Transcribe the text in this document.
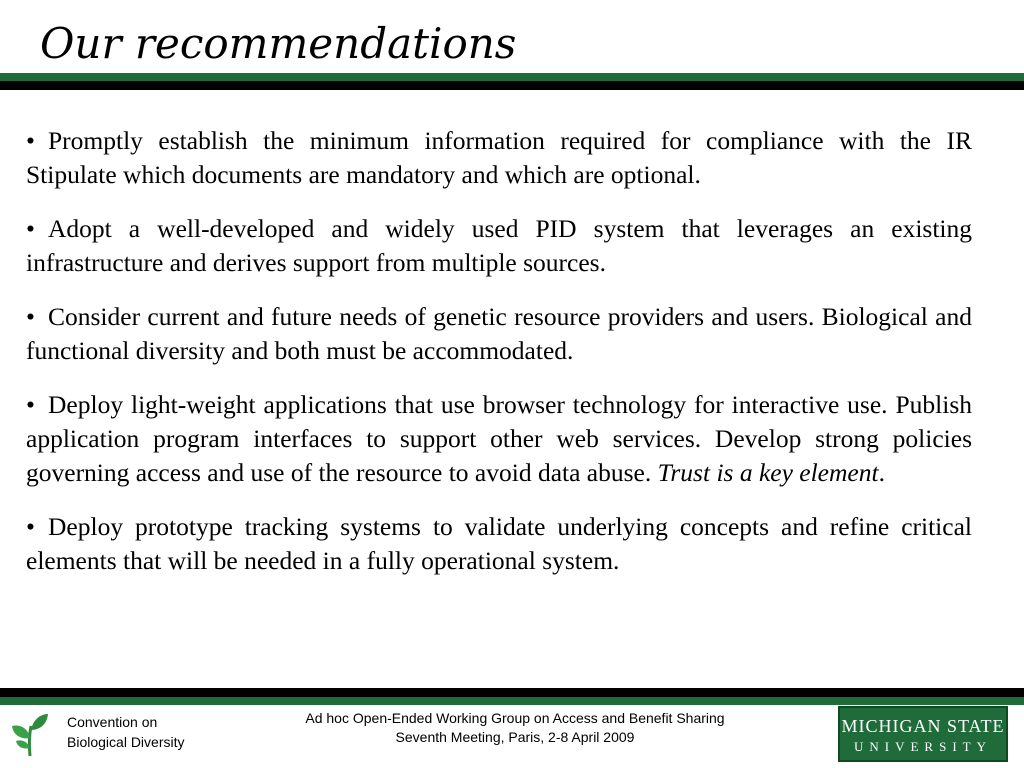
Our recommendations

• Promptly establish the minimum information required for compliance with the IR Stipulate which documents are mandatory and which are optional.

• Adopt a well-developed and widely used PID system that leverages an existing infrastructure and derives support from multiple sources.

• Consider current and future needs of genetic resource providers and users. Biological and functional diversity and both must be accommodated.

• Deploy light-weight applications that use browser technology for interactive use. Publish application program interfaces to support other web services. Develop strong policies governing access and use of the resource to avoid data abuse. Trust is a key element.

• Deploy prototype tracking systems to validate underlying concepts and refine critical elements that will be needed in a fully operational system.

Convention on
Biological Diversity
Ad hoc Open-Ended Working Group on Access and Benefit Sharing
Seventh Meeting, Paris, 2-8 April 2009
MICHIGAN STATE
UNIVERSITY
